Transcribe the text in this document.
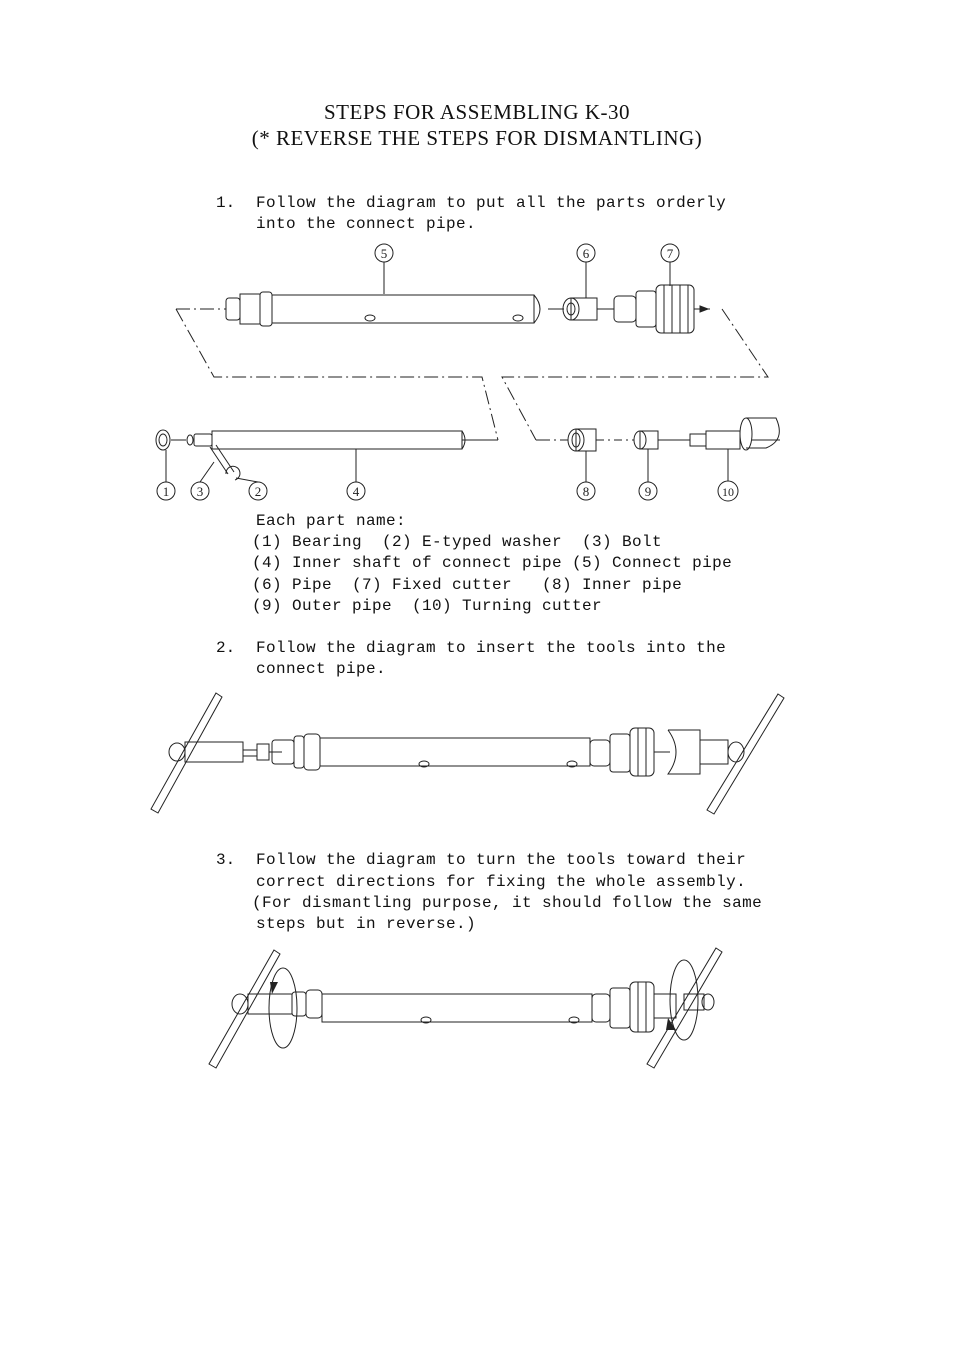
STEPS FOR ASSEMBLING K-30
(* REVERSE THE STEPS FOR DISMANTLING)
1. Follow the diagram to put all the parts orderly
into the connect pipe.
5	6	7
1 3	2	4	8	9	10
Each part name:
(1) Bearing  (2) E-typed washer  (3) Bolt
(4) Inner shaft of connect pipe (5) Connect pipe
(6) Pipe  (7) Fixed cutter   (8) Inner pipe
(9) Outer pipe  (10) Turning cutter
2. Follow the diagram to insert the tools into the
connect pipe.
3. Follow the diagram to turn the tools toward their
correct directions for fixing the whole assembly.
(For dismantling purpose, it should follow the same
steps but in reverse.)
